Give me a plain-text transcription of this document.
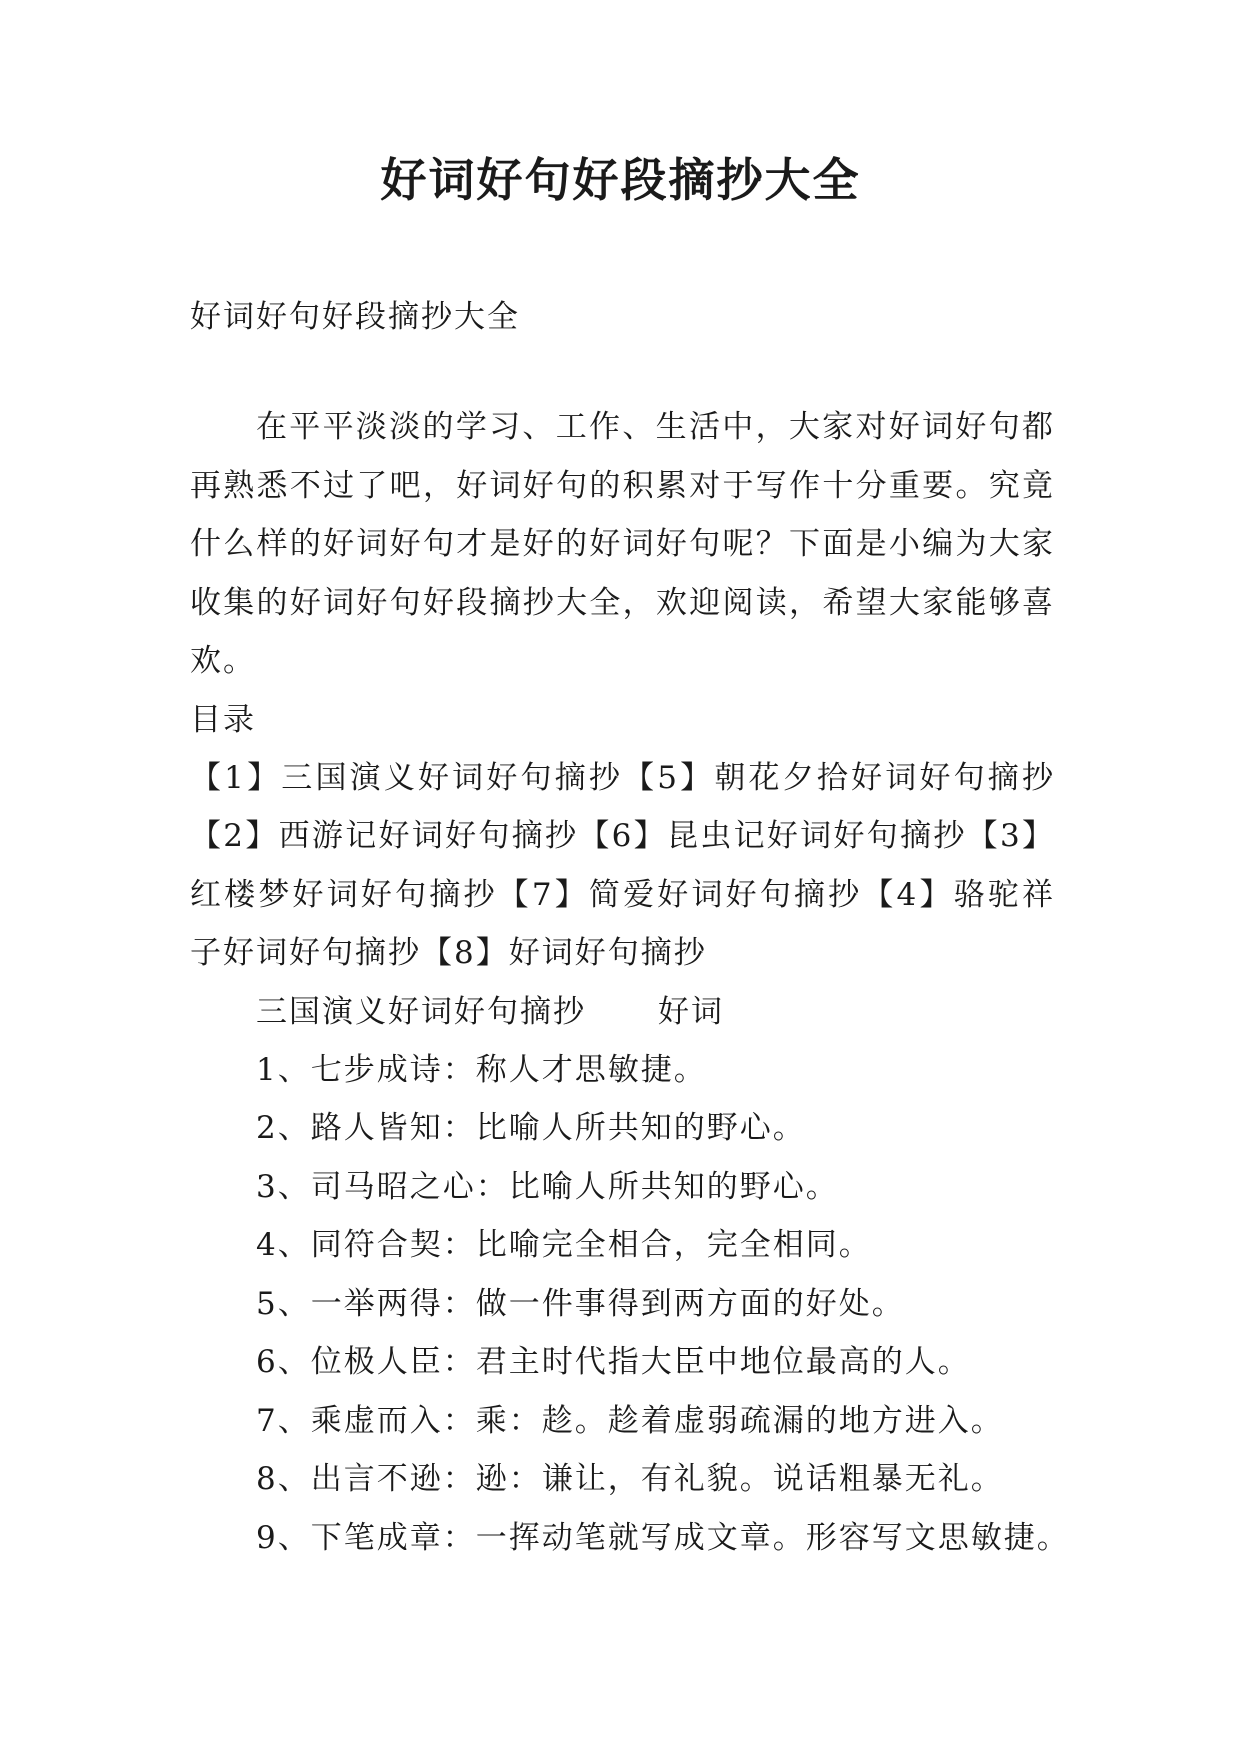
好词好句好段摘抄大全

好词好句好段摘抄大全

在平平淡淡的学习、工作、生活中，大家对好词好句都再熟悉不过了吧，好词好句的积累对于写作十分重要。究竟什么样的好词好句才是好的好词好句呢？下面是小编为大家收集的好词好句好段摘抄大全，欢迎阅读，希望大家能够喜欢。

目录

【1】三国演义好词好句摘抄【5】朝花夕拾好词好句摘抄【2】西游记好词好句摘抄【6】昆虫记好词好句摘抄【3】红楼梦好词好句摘抄【7】简爱好词好句摘抄【4】骆驼祥子好词好句摘抄【8】好词好句摘抄

三国演义好词好句摘抄 好词

1、七步成诗：称人才思敏捷。
2、路人皆知：比喻人所共知的野心。
3、司马昭之心：比喻人所共知的野心。
4、同符合契：比喻完全相合，完全相同。
5、一举两得：做一件事得到两方面的好处。
6、位极人臣：君主时代指大臣中地位最高的人。
7、乘虚而入：乘：趁。趁着虚弱疏漏的地方进入。
8、出言不逊：逊：谦让，有礼貌。说话粗暴无礼。
9、下笔成章：一挥动笔就写成文章。形容写文思敏捷。
